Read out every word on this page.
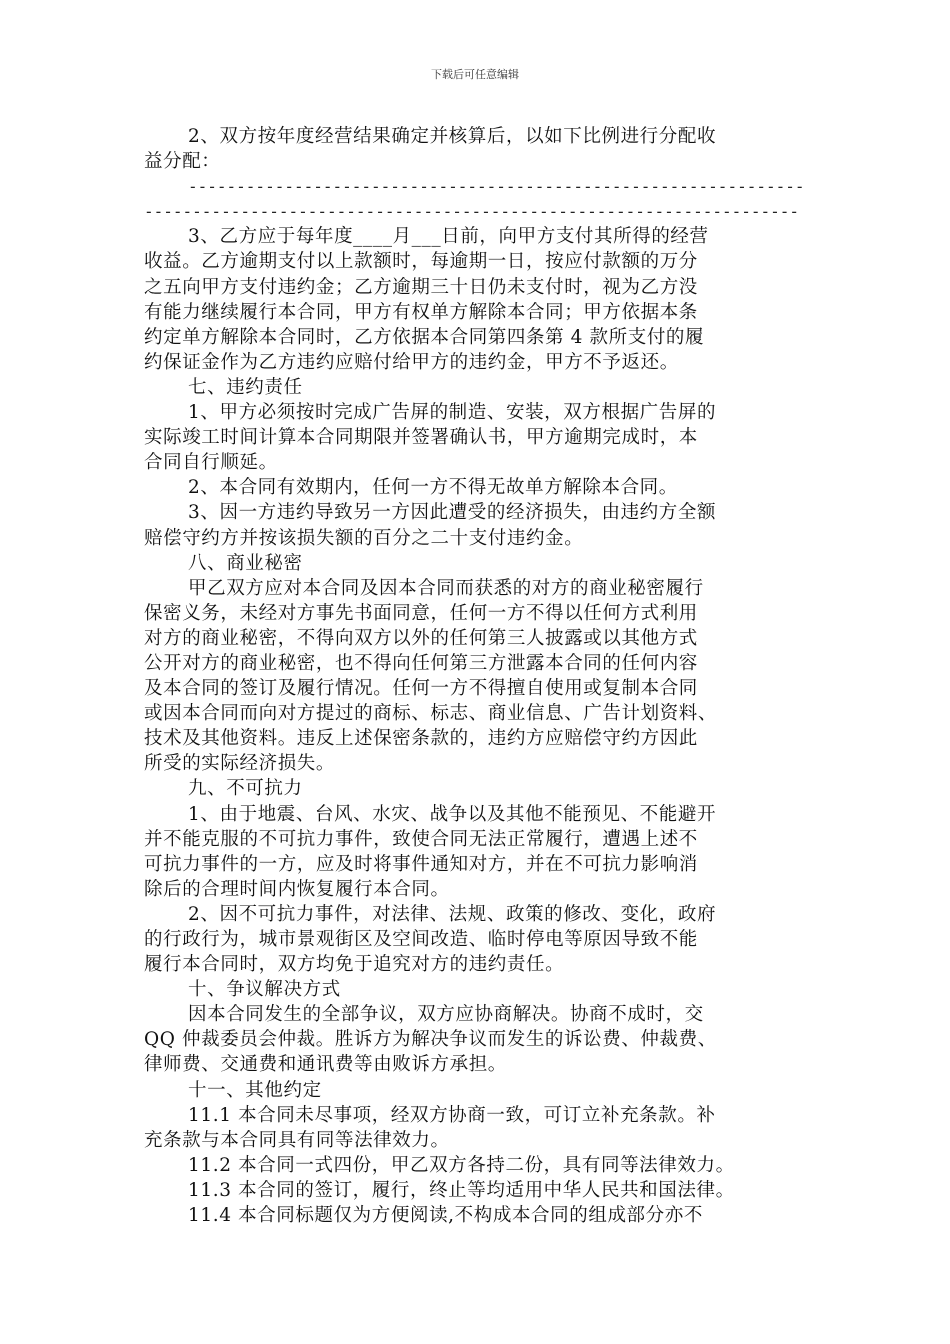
下载后可任意编辑
2、双方按年度经营结果确定并核算后，以如下比例进行分配收
益分配：
----------------------------------------------------------------
--------------------------------------------------------------------
3、乙方应于每年度____月___日前，向甲方支付其所得的经营
收益。乙方逾期支付以上款额时，每逾期一日，按应付款额的万分
之五向甲方支付违约金；乙方逾期三十日仍未支付时，视为乙方没
有能力继续履行本合同，甲方有权单方解除本合同；甲方依据本条
约定单方解除本合同时，乙方依据本合同第四条第 4 款所支付的履
约保证金作为乙方违约应赔付给甲方的违约金，甲方不予返还。
七、违约责任
1、甲方必须按时完成广告屏的制造、安装，双方根据广告屏的
实际竣工时间计算本合同期限并签署确认书，甲方逾期完成时，本
合同自行顺延。
2、本合同有效期内，任何一方不得无故单方解除本合同。
3、因一方违约导致另一方因此遭受的经济损失，由违约方全额
赔偿守约方并按该损失额的百分之二十支付违约金。
八、商业秘密
甲乙双方应对本合同及因本合同而获悉的对方的商业秘密履行
保密义务，未经对方事先书面同意，任何一方不得以任何方式利用
对方的商业秘密，不得向双方以外的任何第三人披露或以其他方式
公开对方的商业秘密，也不得向任何第三方泄露本合同的任何内容
及本合同的签订及履行情况。任何一方不得擅自使用或复制本合同
或因本合同而向对方提过的商标、标志、商业信息、广告计划资料、
技术及其他资料。违反上述保密条款的，违约方应赔偿守约方因此
所受的实际经济损失。
九、不可抗力
1、由于地震、台风、水灾、战争以及其他不能预见、不能避开
并不能克服的不可抗力事件，致使合同无法正常履行，遭遇上述不
可抗力事件的一方，应及时将事件通知对方，并在不可抗力影响消
除后的合理时间内恢复履行本合同。
2、因不可抗力事件，对法律、法规、政策的修改、变化，政府
的行政行为，城市景观街区及空间改造、临时停电等原因导致不能
履行本合同时，双方均免于追究对方的违约责任。
十、争议解决方式
因本合同发生的全部争议，双方应协商解决。协商不成时，交
QQ 仲裁委员会仲裁。胜诉方为解决争议而发生的诉讼费、仲裁费、
律师费、交通费和通讯费等由败诉方承担。
十一、其他约定
11.1 本合同未尽事项，经双方协商一致，可订立补充条款。补
充条款与本合同具有同等法律效力。
11.2 本合同一式四份，甲乙双方各持二份，具有同等法律效力。
11.3 本合同的签订，履行，终止等均适用中华人民共和国法律。
11.4 本合同标题仅为方便阅读,不构成本合同的组成部分亦不
